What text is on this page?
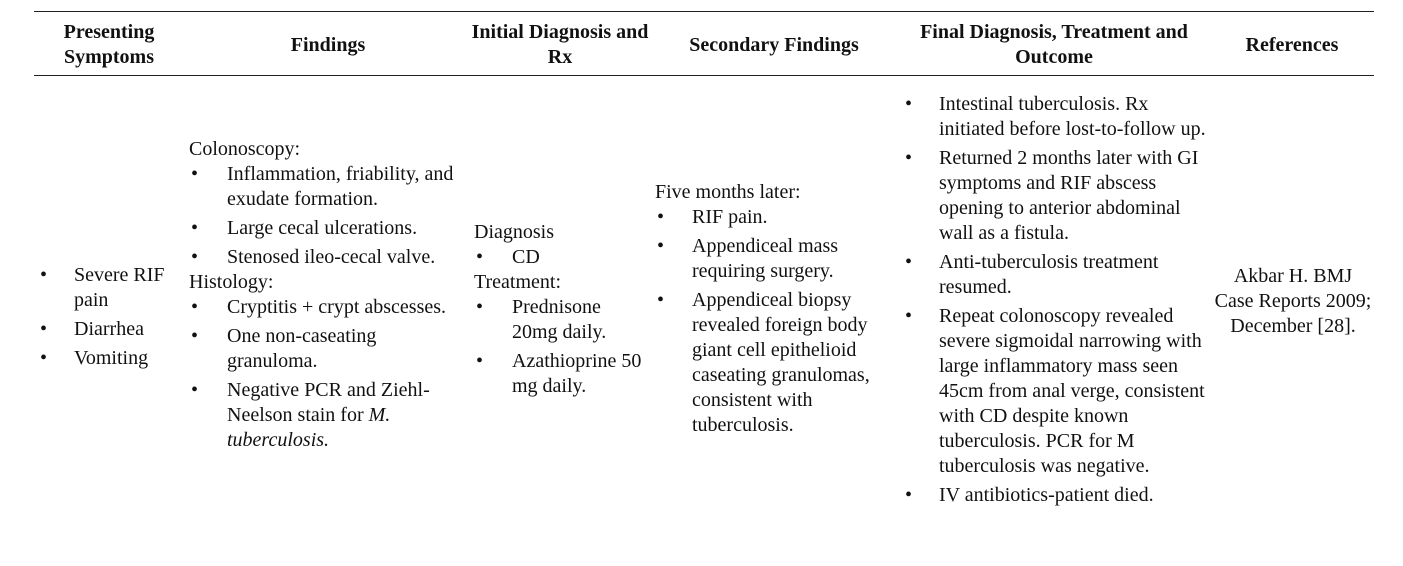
Presenting Symptoms
Findings
Initial Diagnosis and Rx
Secondary Findings
Final Diagnosis, Treatment and Outcome
References
• Severe RIF pain
• Diarrhea
• Vomiting

Colonoscopy:

• Inflammation, friability, and exudate formation.
• Large cecal ulcerations.
• Stenosed ileo-cecal valve.

Histology:

• Cryptitis + crypt abscesses.
• One non-caseating granuloma.
• Negative PCR and Ziehl-Neelson stain for M. tuberculosis.

Diagnosis

• CD

Treatment:

• Prednisone 20mg daily.
• Azathioprine 50 mg daily.

Five months later:

• RIF pain.
• Appendiceal mass requiring surgery.
• Appendiceal biopsy revealed foreign body giant cell epithelioid caseating granulomas, consistent with tuberculosis.
• Intestinal tuberculosis. Rx initiated before lost-to-follow up.
• Returned 2 months later with GI symptoms and RIF abscess opening to anterior abdominal wall as a fistula.
• Anti-tuberculosis treatment resumed.
• Repeat colonoscopy revealed severe sigmoidal narrowing with large inflammatory mass seen 45cm from anal verge, consistent with CD despite known tuberculosis. PCR for M tuberculosis was negative.
• IV antibiotics-patient died.
Akbar H. BMJ Case Reports 2009; December [28].
